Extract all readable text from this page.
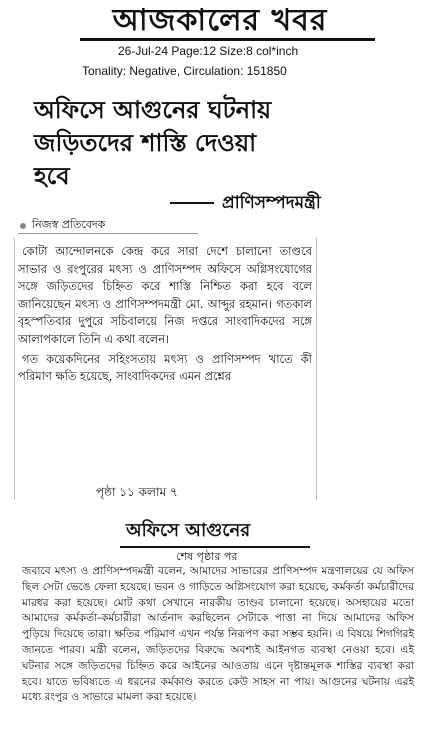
আজকালের খবর
26-Jul-24 Page:12 Size:8 col*inch
Tonality: Negative, Circulation: 151850
অফিসে আগুনের ঘটনায় জড়িতদের শাস্তি দেওয়া হবে
প্রাণিসম্পদমন্ত্রী
নিজস্ব প্রতিবেদক

কোটা আন্দোলনকে কেন্দ্র করে সারা দেশে চালানো তাণ্ডবে সাভার ও রংপুরের মৎস্য ও প্রাণিসম্পদ অফিসে অগ্নিসংযোগের সঙ্গে জড়িতদের চিহ্নিত করে শাস্তি নিশ্চিত করা হবে বলে জানিয়েছেন মৎস্য ও প্রাণিসম্পদমন্ত্রী মো. আব্দুর রহমান। গতকাল বৃহস্পতিবার দুপুরে সচিবালয়ে নিজ দপ্তরে সাংবাদিকদের সঙ্গে আলাপকালে তিনি এ কথা বলেন।

গত কয়েকদিনের সহিংসতায় মৎস্য ও প্রাণিসম্পদ খাতে কী পরিমাণ ক্ষতি হয়েছে, সাংবাদিকদের এমন প্রশ্নের

পৃষ্ঠা ১১ কলাম ৭
অফিসে আগুনের
শেষ পৃষ্ঠার পর
জবাবে মৎস্য ও প্রাণিসম্পদমন্ত্রী বলেন, আমাদের সাভারের প্রাণিসম্পদ মন্ত্রণালয়ের যে অফিস ছিল সেটা ভেঙে ফেলা হয়েছে। ভবন ও গাড়িতে অগ্নিসংযোগ করা হয়েছে, কর্মকর্তা কর্মচারীদের মারধর করা হয়েছে। মোট কথা সেখানে নারকীয় তাণ্ডব চালানো হয়েছে। অসহায়ের মতো আমাদের কর্মকর্তা-কর্মচারীরা আর্তনাদ করছিলেন সেটাকে পাত্তা না দিয়ে আমাদের অফিস পুড়িয়ে দিয়েছে তারা। ক্ষতির পরিমাণ এখন পর্যন্ত নিরূপণ করা সম্ভব হয়নি। এ বিষয়ে শিগগিরই জানতে পারব। মন্ত্রী বলেন, জড়িতদের বিরুদ্ধে অবশ্যই আইনগত ব্যবস্থা নেওয়া হবে। এই ঘটনার সঙ্গে জড়িতদের চিহ্নিত করে আইনের আওতায় এনে দৃষ্টান্তমূলক শাস্তির ব্যবস্থা করা হবে। যাতে ভবিষ্যতে এ ধরনের কর্মকাণ্ড করতে কেউ সাহস না পায়। আগুনের ঘটনায় এরই মধ্যে রংপুর ও সাভারে মামলা করা হয়েছে।
